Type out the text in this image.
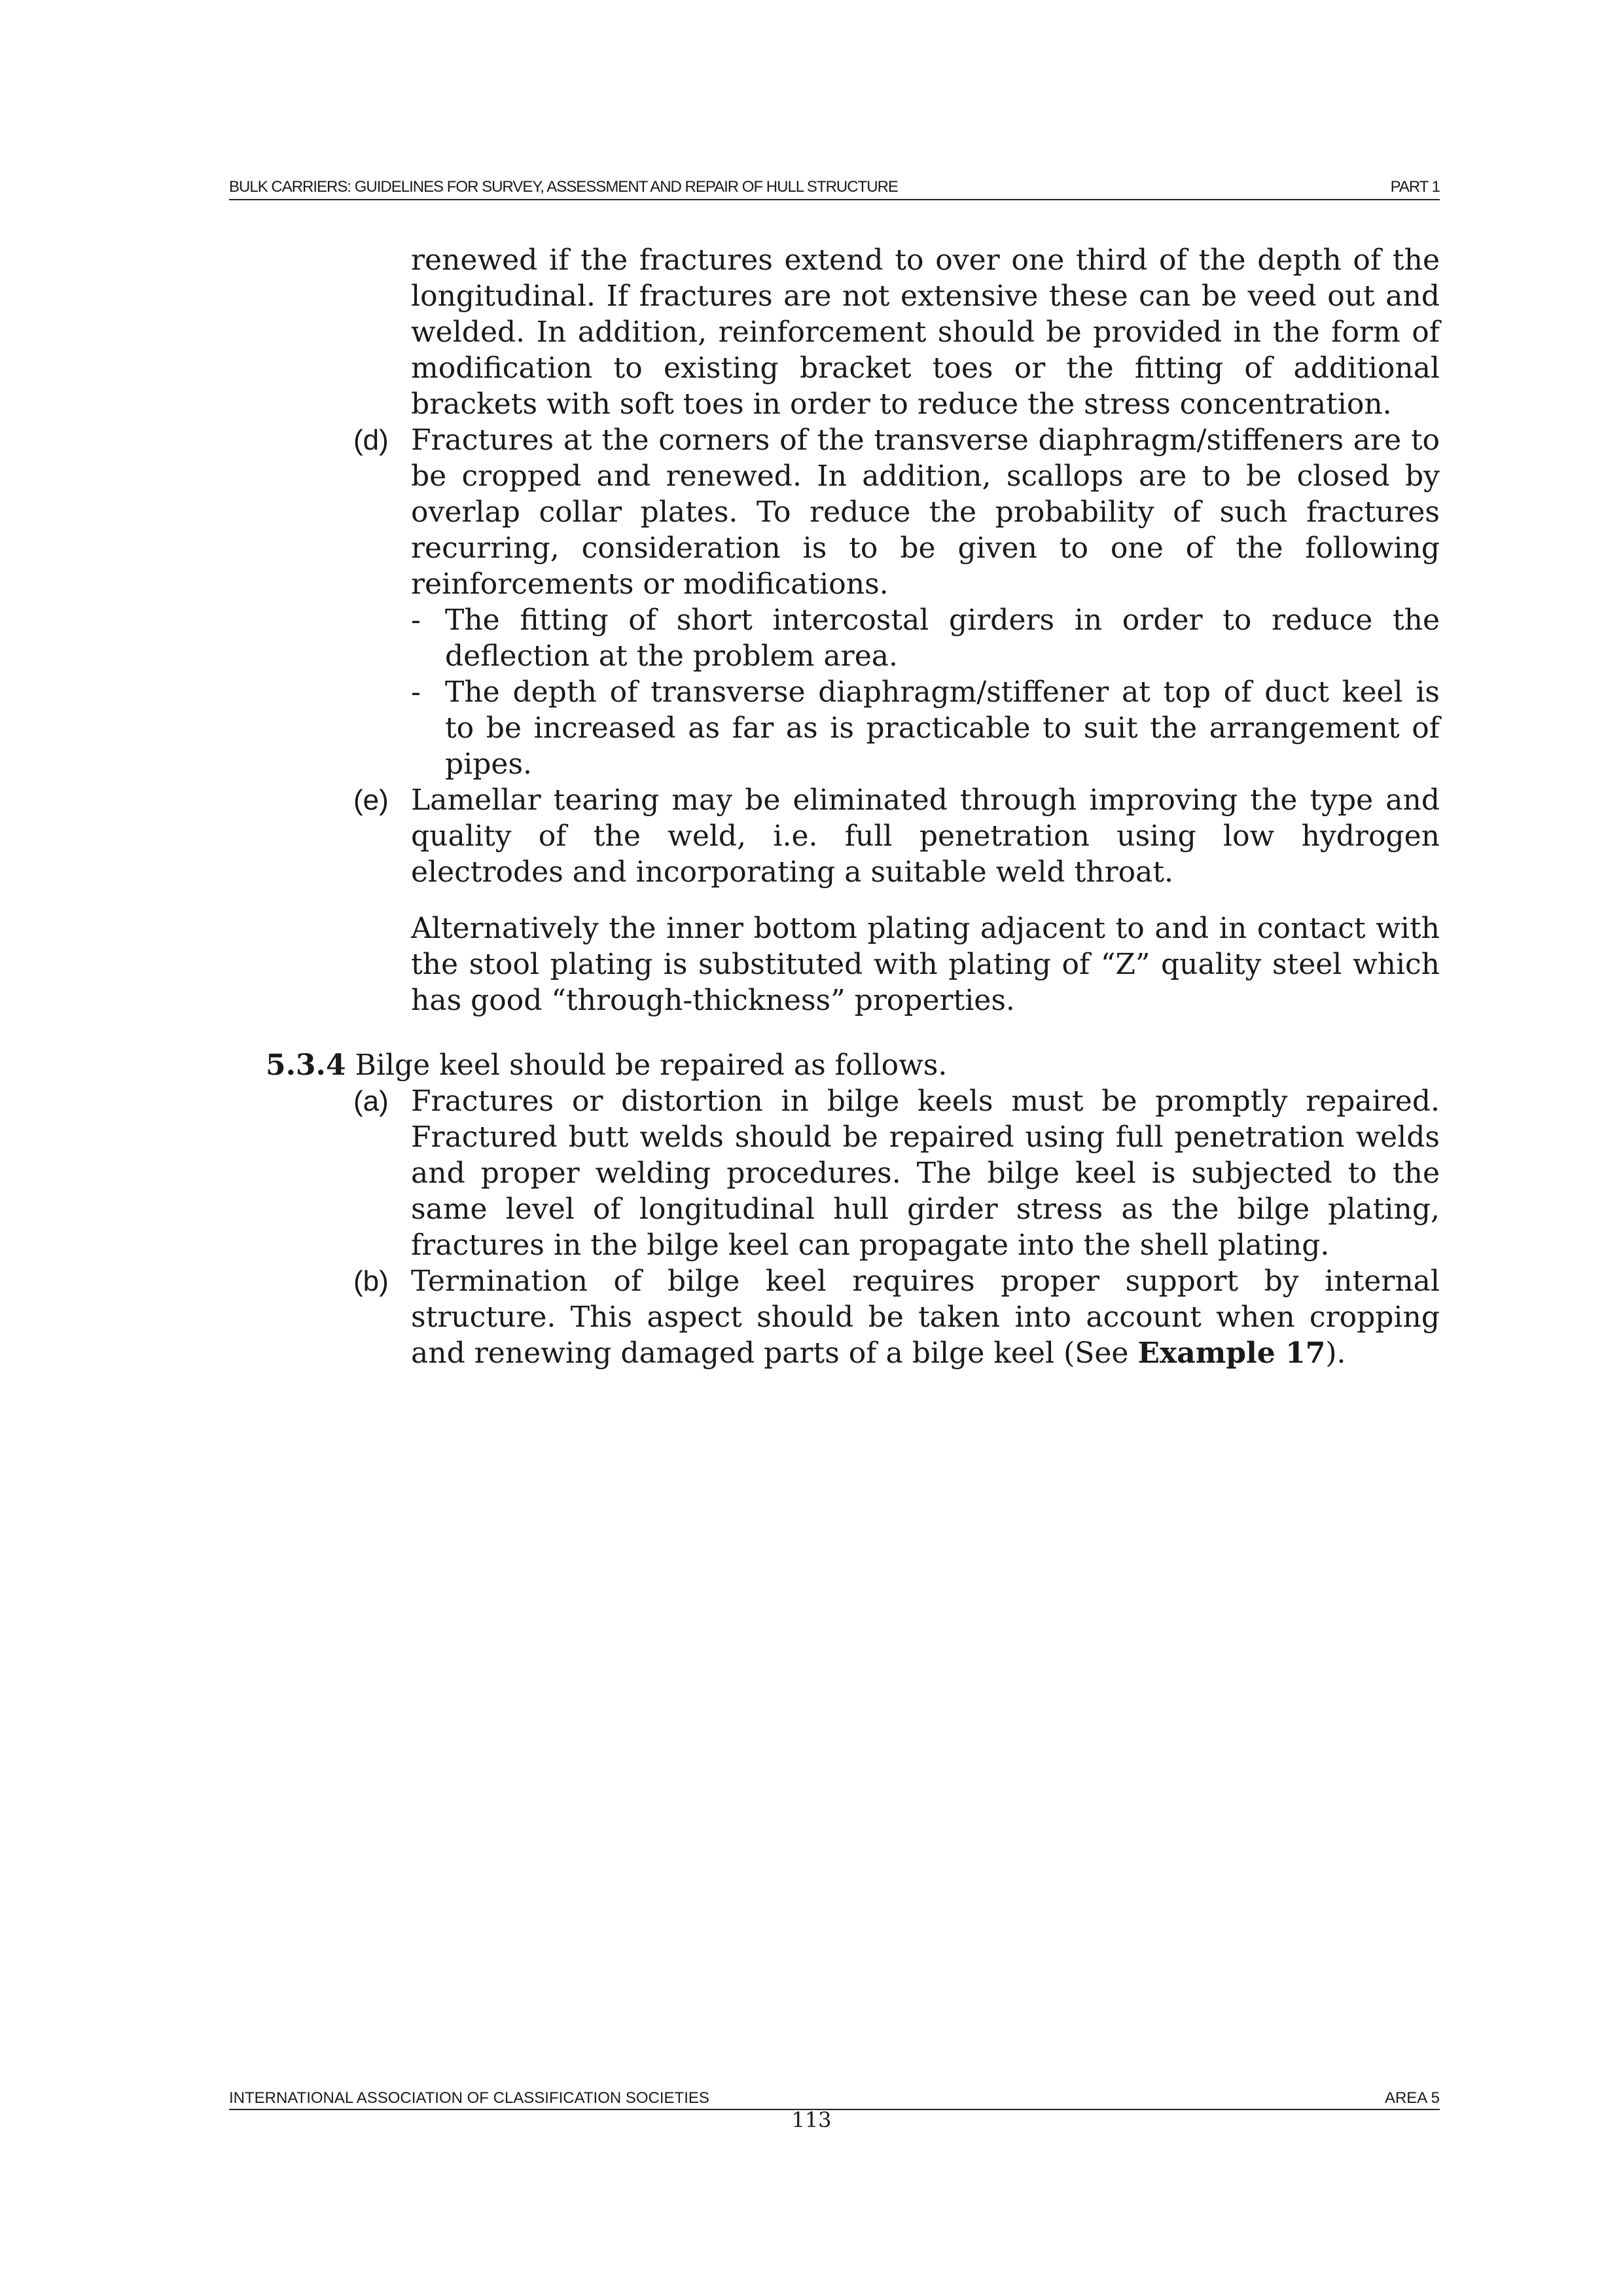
BULK CARRIERS: GUIDELINES FOR SURVEY, ASSESSMENT AND REPAIR OF HULL STRUCTURE	PART 1

renewed if the fractures extend to over one third of the depth of the longitudinal. If fractures are not extensive these can be veed out and welded. In addition, reinforcement should be provided in the form of modification to existing bracket toes or the fitting of additional brackets with soft toes in order to reduce the stress concentration.

(d) Fractures at the corners of the transverse diaphragm/stiffeners are to be cropped and renewed. In addition, scallops are to be closed by overlap collar plates. To reduce the probability of such fractures recurring, consideration is to be given to one of the following reinforcements or modifications.

- The fitting of short intercostal girders in order to reduce the deflection at the problem area.

- The depth of transverse diaphragm/stiffener at top of duct keel is to be increased as far as is practicable to suit the arrangement of pipes.

(e) Lamellar tearing may be eliminated through improving the type and quality of the weld, i.e. full penetration using low hydrogen electrodes and incorporating a suitable weld throat.

Alternatively the inner bottom plating adjacent to and in contact with the stool plating is substituted with plating of “Z” quality steel which has good “through-thickness” properties.

5.3.4 Bilge keel should be repaired as follows.

(a) Fractures or distortion in bilge keels must be promptly repaired. Fractured butt welds should be repaired using full penetration welds and proper welding procedures. The bilge keel is subjected to the same level of longitudinal hull girder stress as the bilge plating, fractures in the bilge keel can propagate into the shell plating.

(b) Termination of bilge keel requires proper support by internal structure. This aspect should be taken into account when cropping and renewing damaged parts of a bilge keel (See Example 17).

INTERNATIONAL ASSOCIATION OF CLASSIFICATION SOCIETIES	AREA 5
113
